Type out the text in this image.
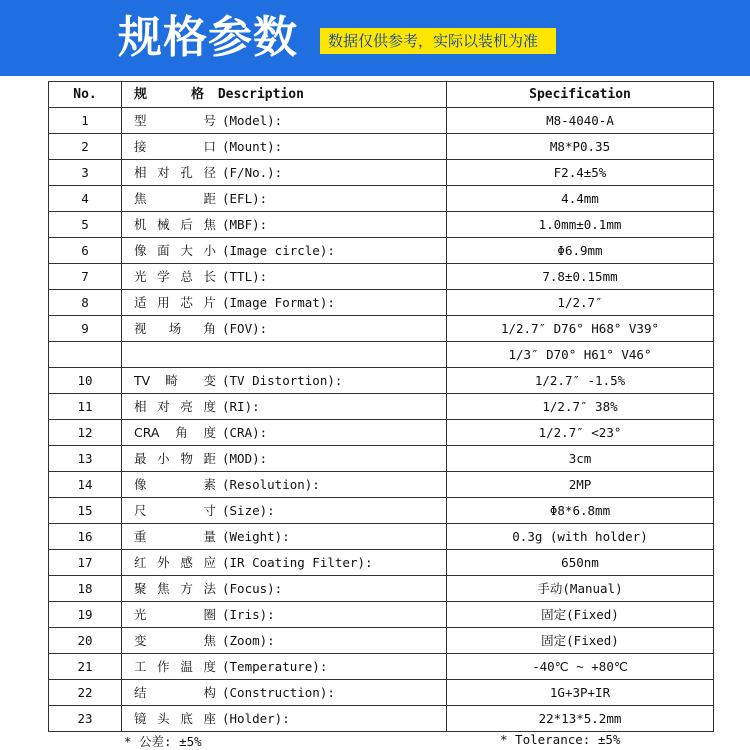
规格参数	数据仅供参考，实际以装机为准
No.	规 格 Description	Specification
1	型 号 (Model):	M8-4040-A
2	接 口 (Mount):	M8*P0.35
3	相对孔径 (F/No.):	F2.4±5%
4	焦 距 (EFL):	4.4mm
5	机械后焦 (MBF):	1.0mm±0.1mm
6	像面大小 (Image circle):	Φ6.9mm
7	光学总长 (TTL):	7.8±0.15mm
8	适用芯片 (Image Format):	1/2.7″
9	视 场 角 (FOV):	1/2.7″ D76° H68° V39°
		1/3″ D70° H61° V46°
10	TV 畸 变 (TV Distortion):	1/2.7″ -1.5%
11	相对亮度 (RI):	1/2.7″ 38%
12	CRA角度 (CRA):	1/2.7″ <23°
13	最小物距 (MOD):	3cm
14	像 素 (Resolution):	2MP
15	尺 寸 (Size):	Φ8*6.8mm
16	重 量 (Weight):	0.3g (with holder)
17	红外感应 (IR Coating Filter):	650nm
18	聚焦方法 (Focus):	手动(Manual)
19	光 圈 (Iris):	固定(Fixed)
20	变 焦 (Zoom):	固定(Fixed)
21	工作温度 (Temperature):	-40℃ ~ +80℃
22	结 构 (Construction):	1G+3P+IR
23	镜头底座 (Holder):	22*13*5.2mm
* 公差: ±5%	* Tolerance: ±5%
